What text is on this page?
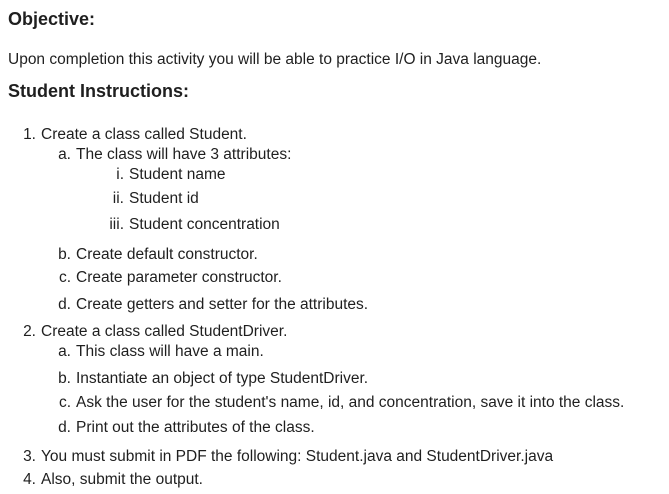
Objective:

Upon completion this activity you will be able to practice I/O in Java language.

Student Instructions:
1. Create a class called Student.
a. The class will have 3 attributes:
i. Student name
ii. Student id
iii. Student concentration
b. Create default constructor.
c. Create parameter constructor.
d. Create getters and setter for the attributes.
2. Create a class called StudentDriver.
a. This class will have a main.
b. Instantiate an object of type StudentDriver.
c. Ask the user for the student's name, id, and concentration, save it into the class.
d. Print out the attributes of the class.
3. You must submit in PDF the following: Student.java and StudentDriver.java
4. Also, submit the output.
